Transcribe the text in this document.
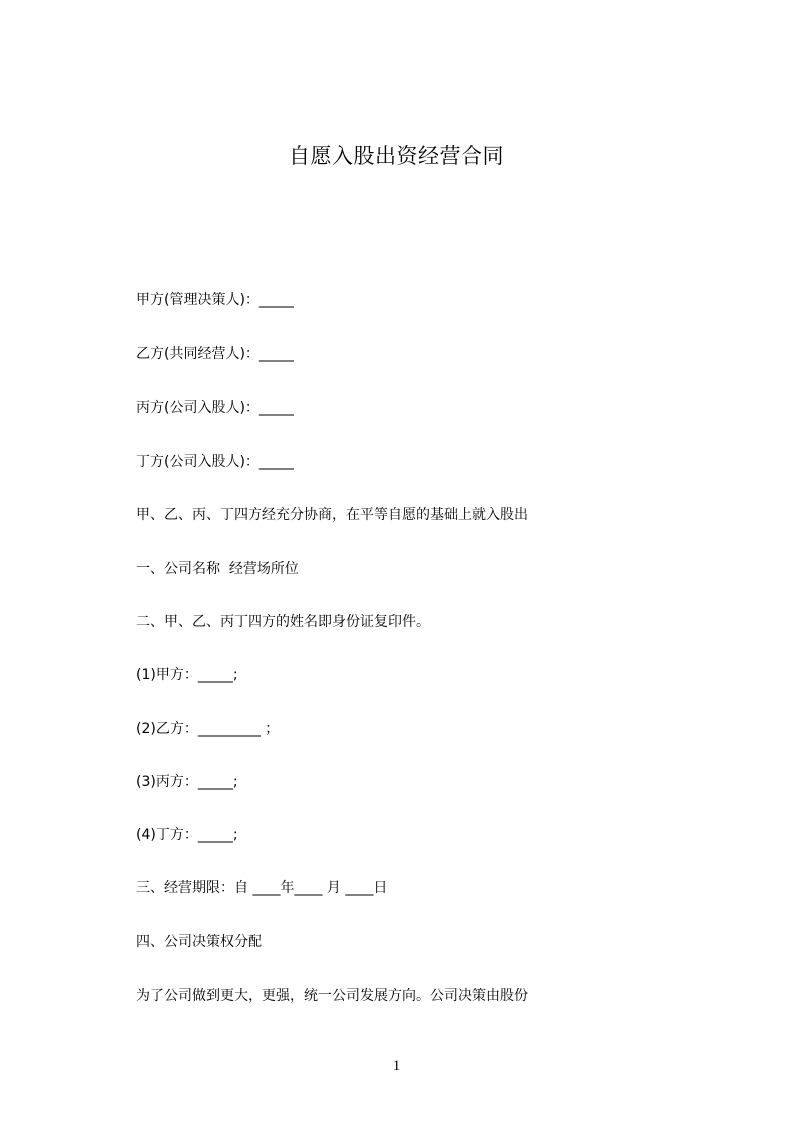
自愿入股出资经营合同
甲方(管理决策人)：_____
乙方(共同经营人)：_____
丙方(公司入股人)：_____
丁方(公司入股人)：_____
甲、乙、丙、丁四方经充分协商，在平等自愿的基础上就入股出
一、公司名称  经营场所位
二、甲、乙、丙丁四方的姓名即身份证复印件。
(1)甲方：_____;
(2)乙方：_________ ；
(3)丙方：_____;
(4)丁方：_____;
三、经营期限：自 ____年____ 月 ____日
四、公司决策权分配
为了公司做到更大，更强，统一公司发展方向。公司决策由股份
1
